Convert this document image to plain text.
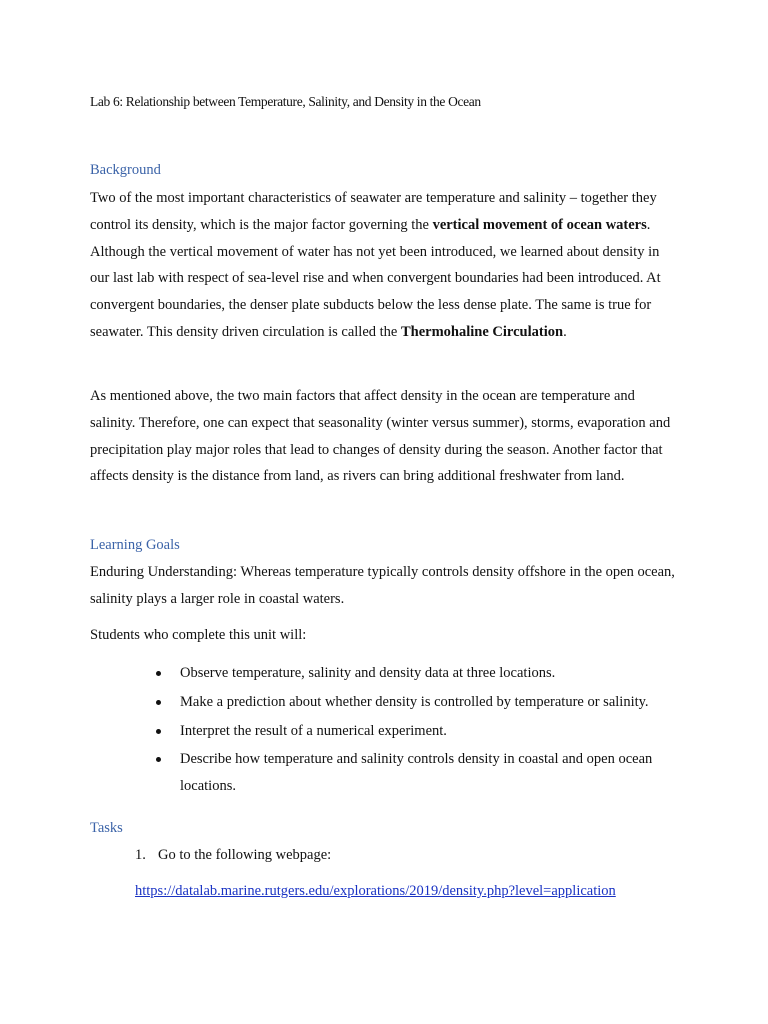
Lab 6: Relationship between Temperature, Salinity, and Density in the Ocean
Background
Two of the most important characteristics of seawater are temperature and salinity – together they control its density, which is the major factor governing the vertical movement of ocean waters. Although the vertical movement of water has not yet been introduced, we learned about density in our last lab with respect of sea-level rise and when convergent boundaries had been introduced. At convergent boundaries, the denser plate subducts below the less dense plate. The same is true for seawater. This density driven circulation is called the Thermohaline Circulation.
As mentioned above, the two main factors that affect density in the ocean are temperature and salinity. Therefore, one can expect that seasonality (winter versus summer), storms, evaporation and precipitation play major roles that lead to changes of density during the season. Another factor that affects density is the distance from land, as rivers can bring additional freshwater from land.
Learning Goals
Enduring Understanding: Whereas temperature typically controls density offshore in the open ocean, salinity plays a larger role in coastal waters.
Students who complete this unit will:
Observe temperature, salinity and density data at three locations.
Make a prediction about whether density is controlled by temperature or salinity.
Interpret the result of a numerical experiment.
Describe how temperature and salinity controls density in coastal and open ocean locations.
Tasks
1. Go to the following webpage:
https://datalab.marine.rutgers.edu/explorations/2019/density.php?level=application
